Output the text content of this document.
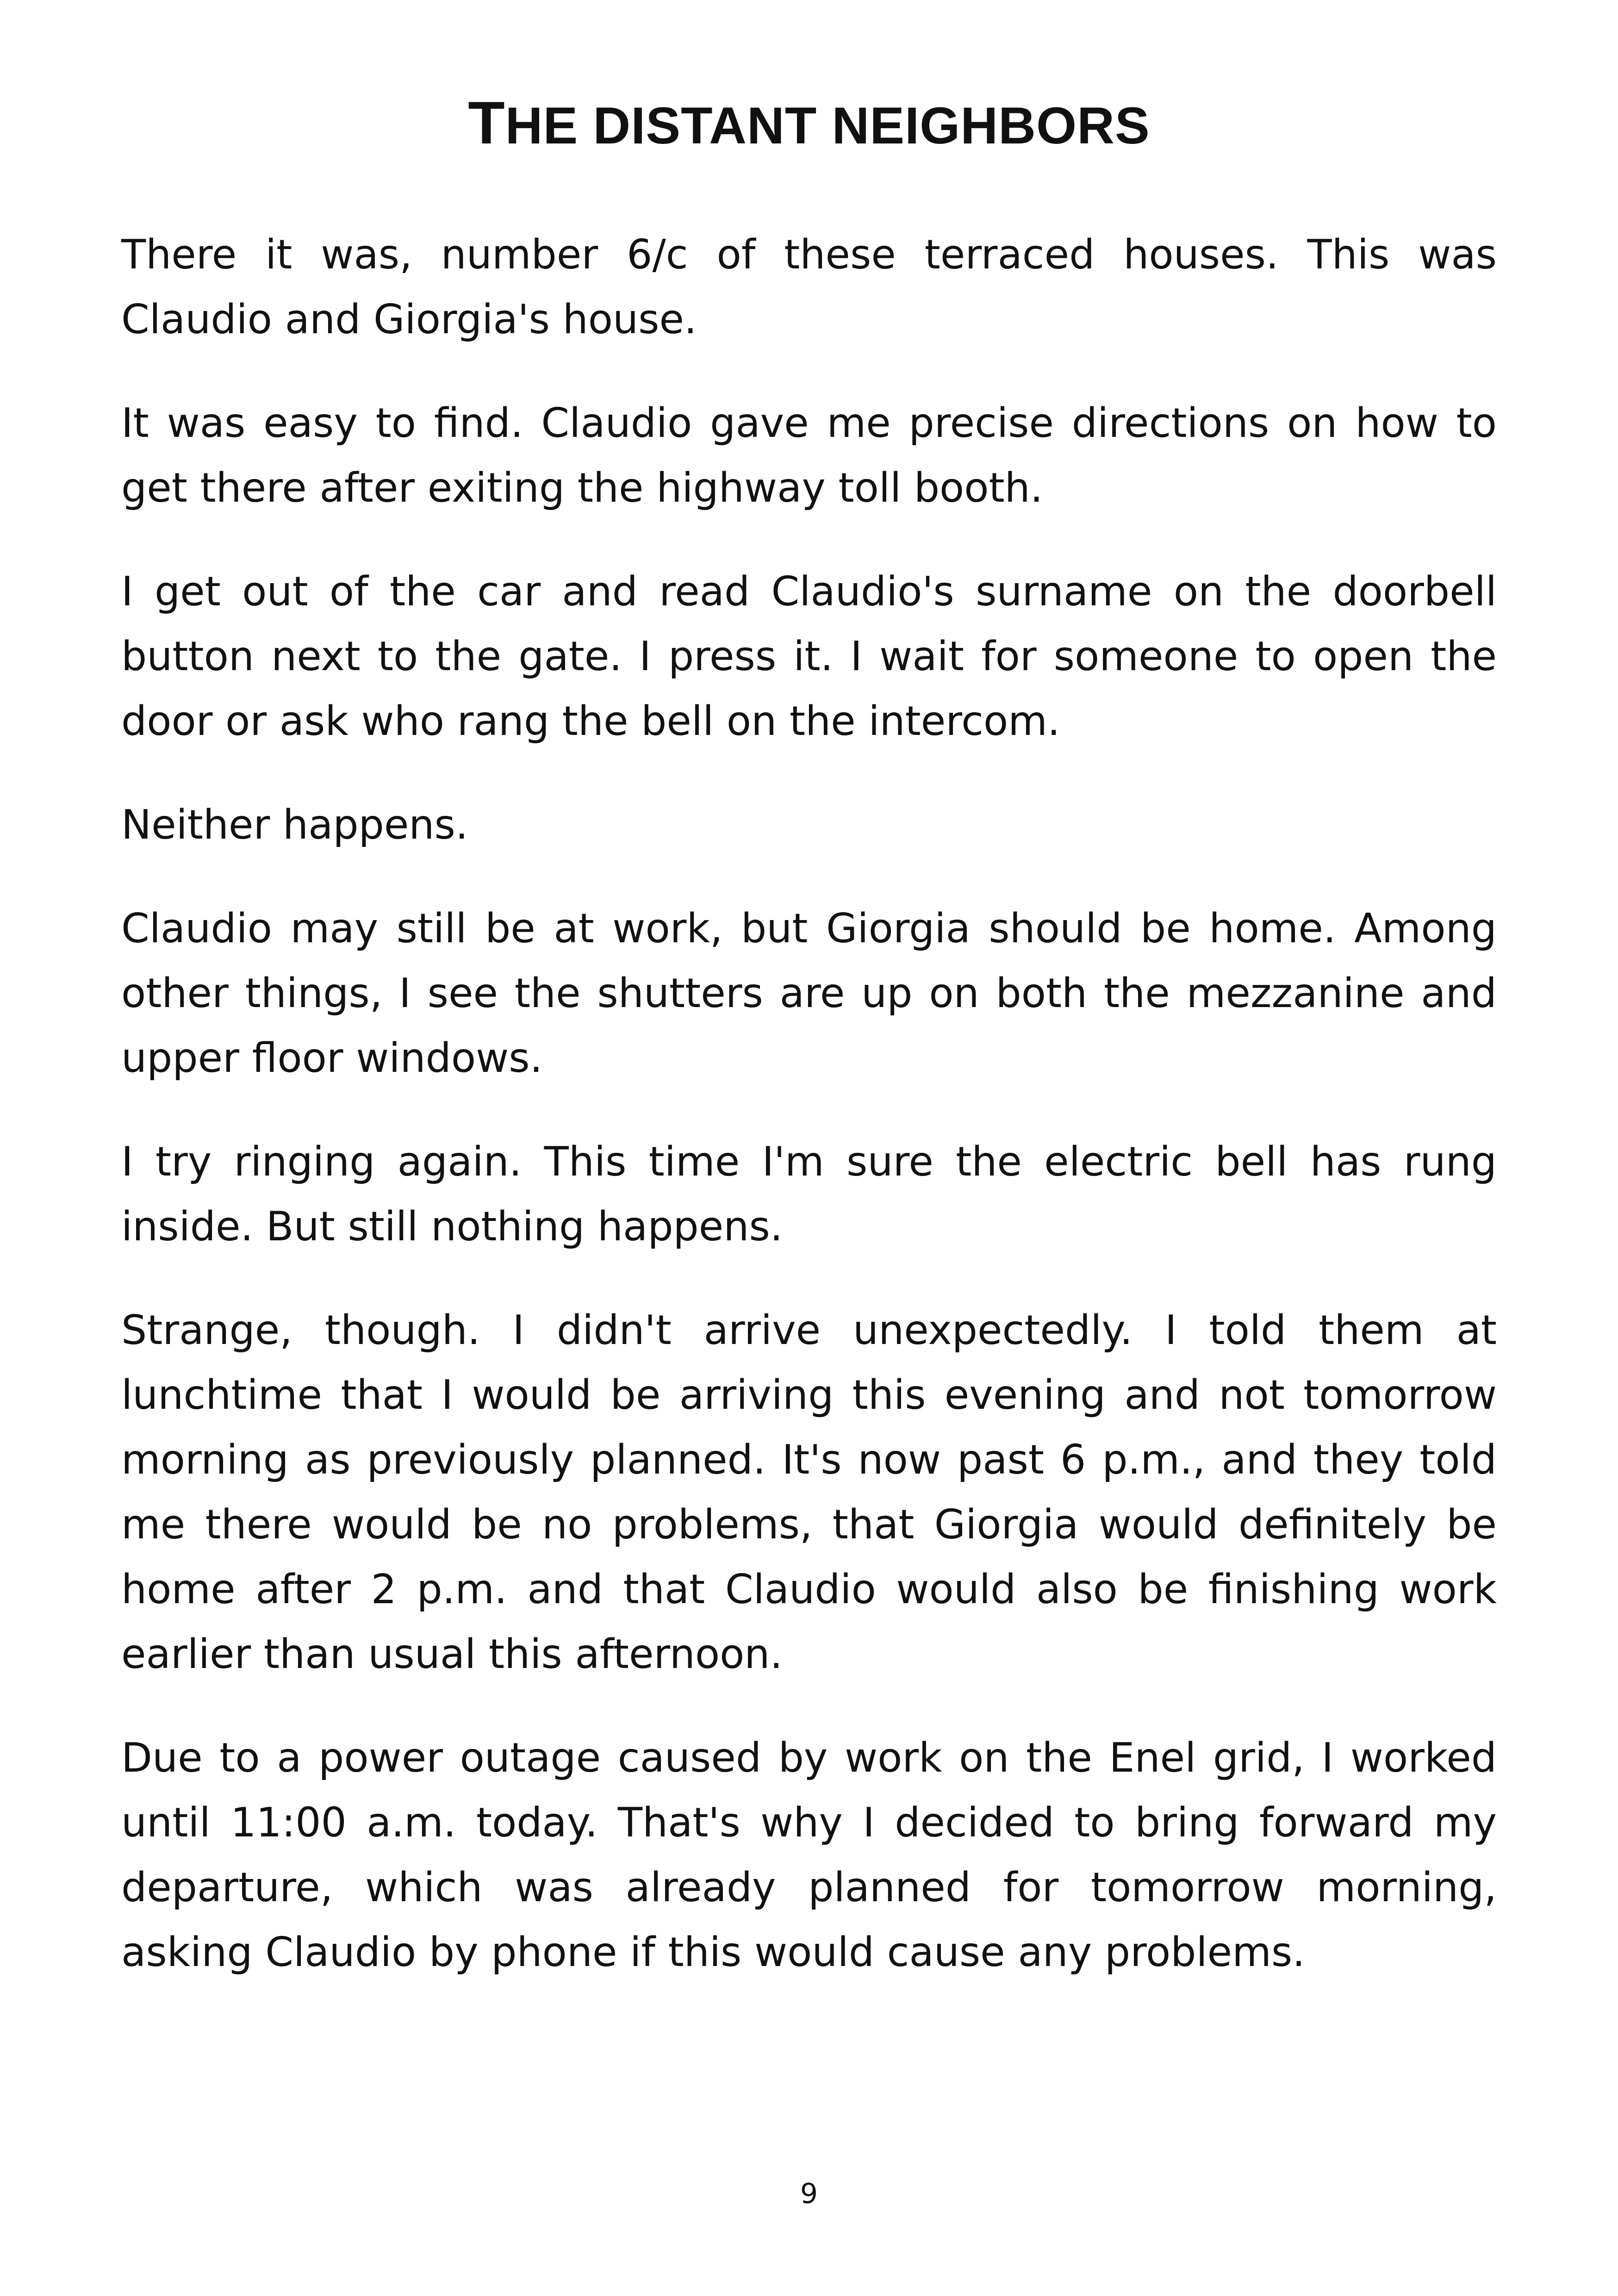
THE DISTANT NEIGHBORS

There it was, number 6/c of these terraced houses. This was Claudio and Giorgia's house.

It was easy to find. Claudio gave me precise directions on how to get there after exiting the highway toll booth.

I get out of the car and read Claudio's surname on the doorbell button next to the gate. I press it. I wait for someone to open the door or ask who rang the bell on the intercom.

Neither happens.

Claudio may still be at work, but Giorgia should be home. Among other things, I see the shutters are up on both the mezzanine and upper floor windows.

I try ringing again. This time I'm sure the electric bell has rung inside. But still nothing happens.

Strange, though. I didn't arrive unexpectedly. I told them at lunchtime that I would be arriving this evening and not tomorrow morning as previously planned. It's now past 6 p.m., and they told me there would be no problems, that Giorgia would definitely be home after 2 p.m. and that Claudio would also be finishing work earlier than usual this afternoon.

Due to a power outage caused by work on the Enel grid, I worked until 11:00 a.m. today. That's why I decided to bring forward my departure, which was already planned for tomorrow morning, asking Claudio by phone if this would cause any problems.

9
